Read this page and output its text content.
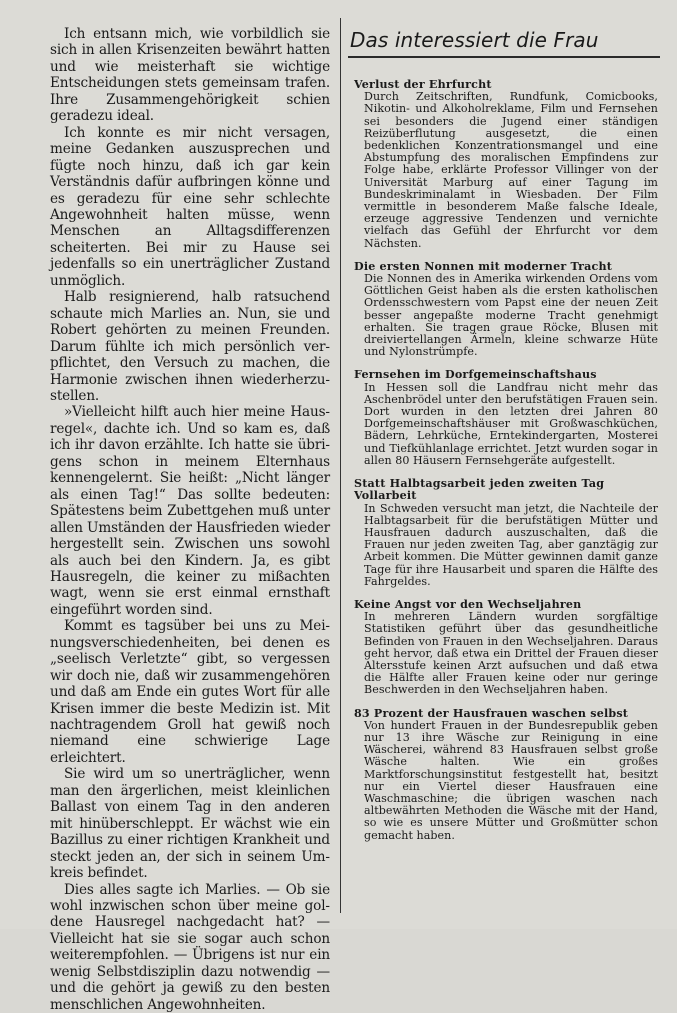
Ich entsann mich, wie vorbildlich sie sich in allen Krisenzeiten bewährt hatten und wie meisterhaft sie wichtige Entscheidungen stets gemeinsam trafen. Ihre Zusammengehörigkeit schien geradezu ideal.

Ich konnte es mir nicht versagen, meine Gedanken auszusprechen und fügte noch hinzu, daß ich gar kein Verständnis dafür aufbringen könne und es geradezu für eine sehr schlechte Angewohnheit halten müsse, wenn Menschen an Alltagsdifferenzen scheiterten. Bei mir zu Hause sei jedenfalls so ein unerträglicher Zustand unmöglich.

Halb resignierend, halb ratsuchend schaute mich Marlies an. Nun, sie und Robert gehörten zu meinen Freunden. Darum fühlte ich mich persönlich verpflichtet, den Versuch zu machen, die Harmonie zwischen ihnen wiederherzustellen.

»Vielleicht hilft auch hier meine Hausregel«, dachte ich. Und so kam es, daß ich ihr davon erzählte. Ich hatte sie übrigens schon in meinem Elternhaus kennengelernt. Sie heißt: „Nicht länger als einen Tag!“ Das sollte bedeuten: Spätestens beim Zubettgehen muß unter allen Umständen der Hausfrieden wieder hergestellt sein. Zwischen uns sowohl als auch bei den Kindern. Ja, es gibt Hausregeln, die keiner zu mißachten wagt, wenn sie erst einmal ernsthaft eingeführt worden sind.

Kommt es tagsüber bei uns zu Meinungsverschiedenheiten, bei denen es „seelisch Verletzte“ gibt, so vergessen wir doch nie, daß wir zusammengehören und daß am Ende ein gutes Wort für alle Krisen immer die beste Medizin ist. Mit nachtragendem Groll hat gewiß noch niemand eine schwierige Lage erleichtert.

Sie wird um so unerträglicher, wenn man den ärgerlichen, meist kleinlichen Ballast von einem Tag in den anderen mit hinüberschleppt. Er wächst wie ein Bazillus zu einer richtigen Krankheit und steckt jeden an, der sich in seinem Umkreis befindet.

Dies alles sagte ich Marlies. — Ob sie wohl inzwischen schon über meine goldene Hausregel nachgedacht hat? — Vielleicht hat sie sie sogar auch schon weiterempfohlen. — Übrigens ist nur ein wenig Selbstdisziplin dazu notwendig — und die gehört ja gewiß zu den besten menschlichen Angewohnheiten.

Das interessiert die Frau
Verlust der Ehrfurcht

Durch Zeitschriften, Rundfunk, Comicbooks, Nikotin- und Alkoholreklame, Film und Fernsehen sei besonders die Jugend einer ständigen Reizüberflutung ausgesetzt, die einen bedenklichen Konzentrationsmangel und eine Abstumpfung des moralischen Empfindens zur Folge habe, erklärte Professor Villinger von der Universität Marburg auf einer Tagung im Bundeskriminalamt in Wiesbaden. Der Film vermittle in besonderem Maße falsche Ideale, erzeuge aggressive Tendenzen und vernichte vielfach das Gefühl der Ehrfurcht vor dem Nächsten.

Die ersten Nonnen mit moderner Tracht

Die Nonnen des in Amerika wirkenden Ordens vom Göttlichen Geist haben als die ersten katholischen Ordensschwestern vom Papst eine der neuen Zeit besser angepaßte moderne Tracht genehmigt erhalten. Sie tragen graue Röcke, Blusen mit dreiviertellangen Ärmeln, kleine schwarze Hüte und Nylonstrümpfe.

Fernsehen im Dorfgemeinschaftshaus

In Hessen soll die Landfrau nicht mehr das Aschenbrödel unter den berufstätigen Frauen sein. Dort wurden in den letzten drei Jahren 80 Dorfgemeinschaftshäuser mit Großwaschküchen, Bädern, Lehrküche, Erntekindergarten, Mosterei und Tiefkühlanlage errichtet. Jetzt wurden sogar in allen 80 Häusern Fernsehgeräte aufgestellt.

Statt Halbtagsarbeit jeden zweiten Tag Vollarbeit

In Schweden versucht man jetzt, die Nachteile der Halbtagsarbeit für die berufstätigen Mütter und Hausfrauen dadurch auszuschalten, daß die Frauen nur jeden zweiten Tag, aber ganztägig zur Arbeit kommen. Die Mütter gewinnen damit ganze Tage für ihre Hausarbeit und sparen die Hälfte des Fahrgeldes.

Keine Angst vor den Wechseljahren

In mehreren Ländern wurden sorgfältige Statistiken geführt über das gesundheitliche Befinden von Frauen in den Wechseljahren. Daraus geht hervor, daß etwa ein Drittel der Frauen dieser Altersstufe keinen Arzt aufsuchen und daß etwa die Hälfte aller Frauen keine oder nur geringe Beschwerden in den Wechseljahren haben.

83 Prozent der Hausfrauen waschen selbst

Von hundert Frauen in der Bundesrepublik geben nur 13 ihre Wäsche zur Reinigung in eine Wäscherei, während 83 Hausfrauen selbst große Wäsche halten. Wie ein großes Marktforschungsinstitut festgestellt hat, besitzt nur ein Viertel dieser Hausfrauen eine Waschmaschine; die übrigen waschen nach altbewährten Methoden die Wäsche mit der Hand, so wie es unsere Mütter und Großmütter schon gemacht haben.
